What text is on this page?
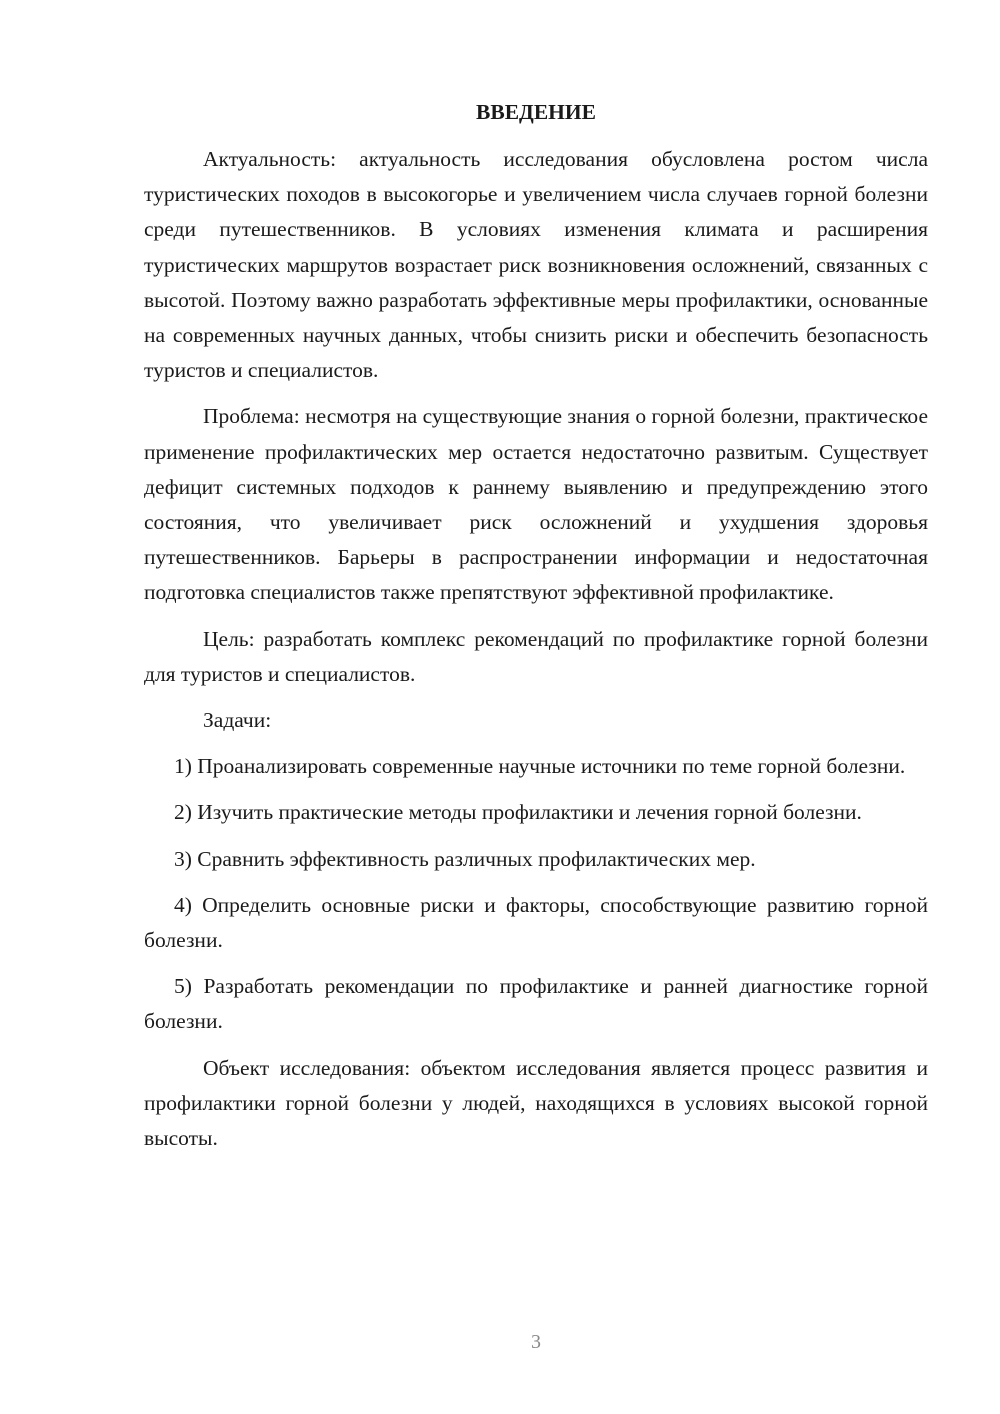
ВВЕДЕНИЕ

Актуальность: актуальность исследования обусловлена ростом числа туристических походов в высокогорье и увеличением числа случаев горной болезни среди путешественников. В условиях изменения климата и расширения туристических маршрутов возрастает риск возникновения осложнений, связанных с высотой. Поэтому важно разработать эффективные меры профилактики, основанные на современных научных данных, чтобы снизить риски и обеспечить безопасность туристов и специалистов.

Проблема: несмотря на существующие знания о горной болезни, практическое применение профилактических мер остается недостаточно развитым. Существует дефицит системных подходов к раннему выявлению и предупреждению этого состояния, что увеличивает риск осложнений и ухудшения здоровья путешественников. Барьеры в распространении информации и недостаточная подготовка специалистов также препятствуют эффективной профилактике.

Цель: разработать комплекс рекомендаций по профилактике горной болезни для туристов и специалистов.

Задачи:

1) Проанализировать современные научные источники по теме горной болезни.

2) Изучить практические методы профилактики и лечения горной болезни.

3) Сравнить эффективность различных профилактических мер.

4) Определить основные риски и факторы, способствующие развитию горной болезни.

5) Разработать рекомендации по профилактике и ранней диагностике горной болезни.

Объект исследования: объектом исследования является процесс развития и профилактики горной болезни у людей, находящихся в условиях высокой горной высоты.

3
